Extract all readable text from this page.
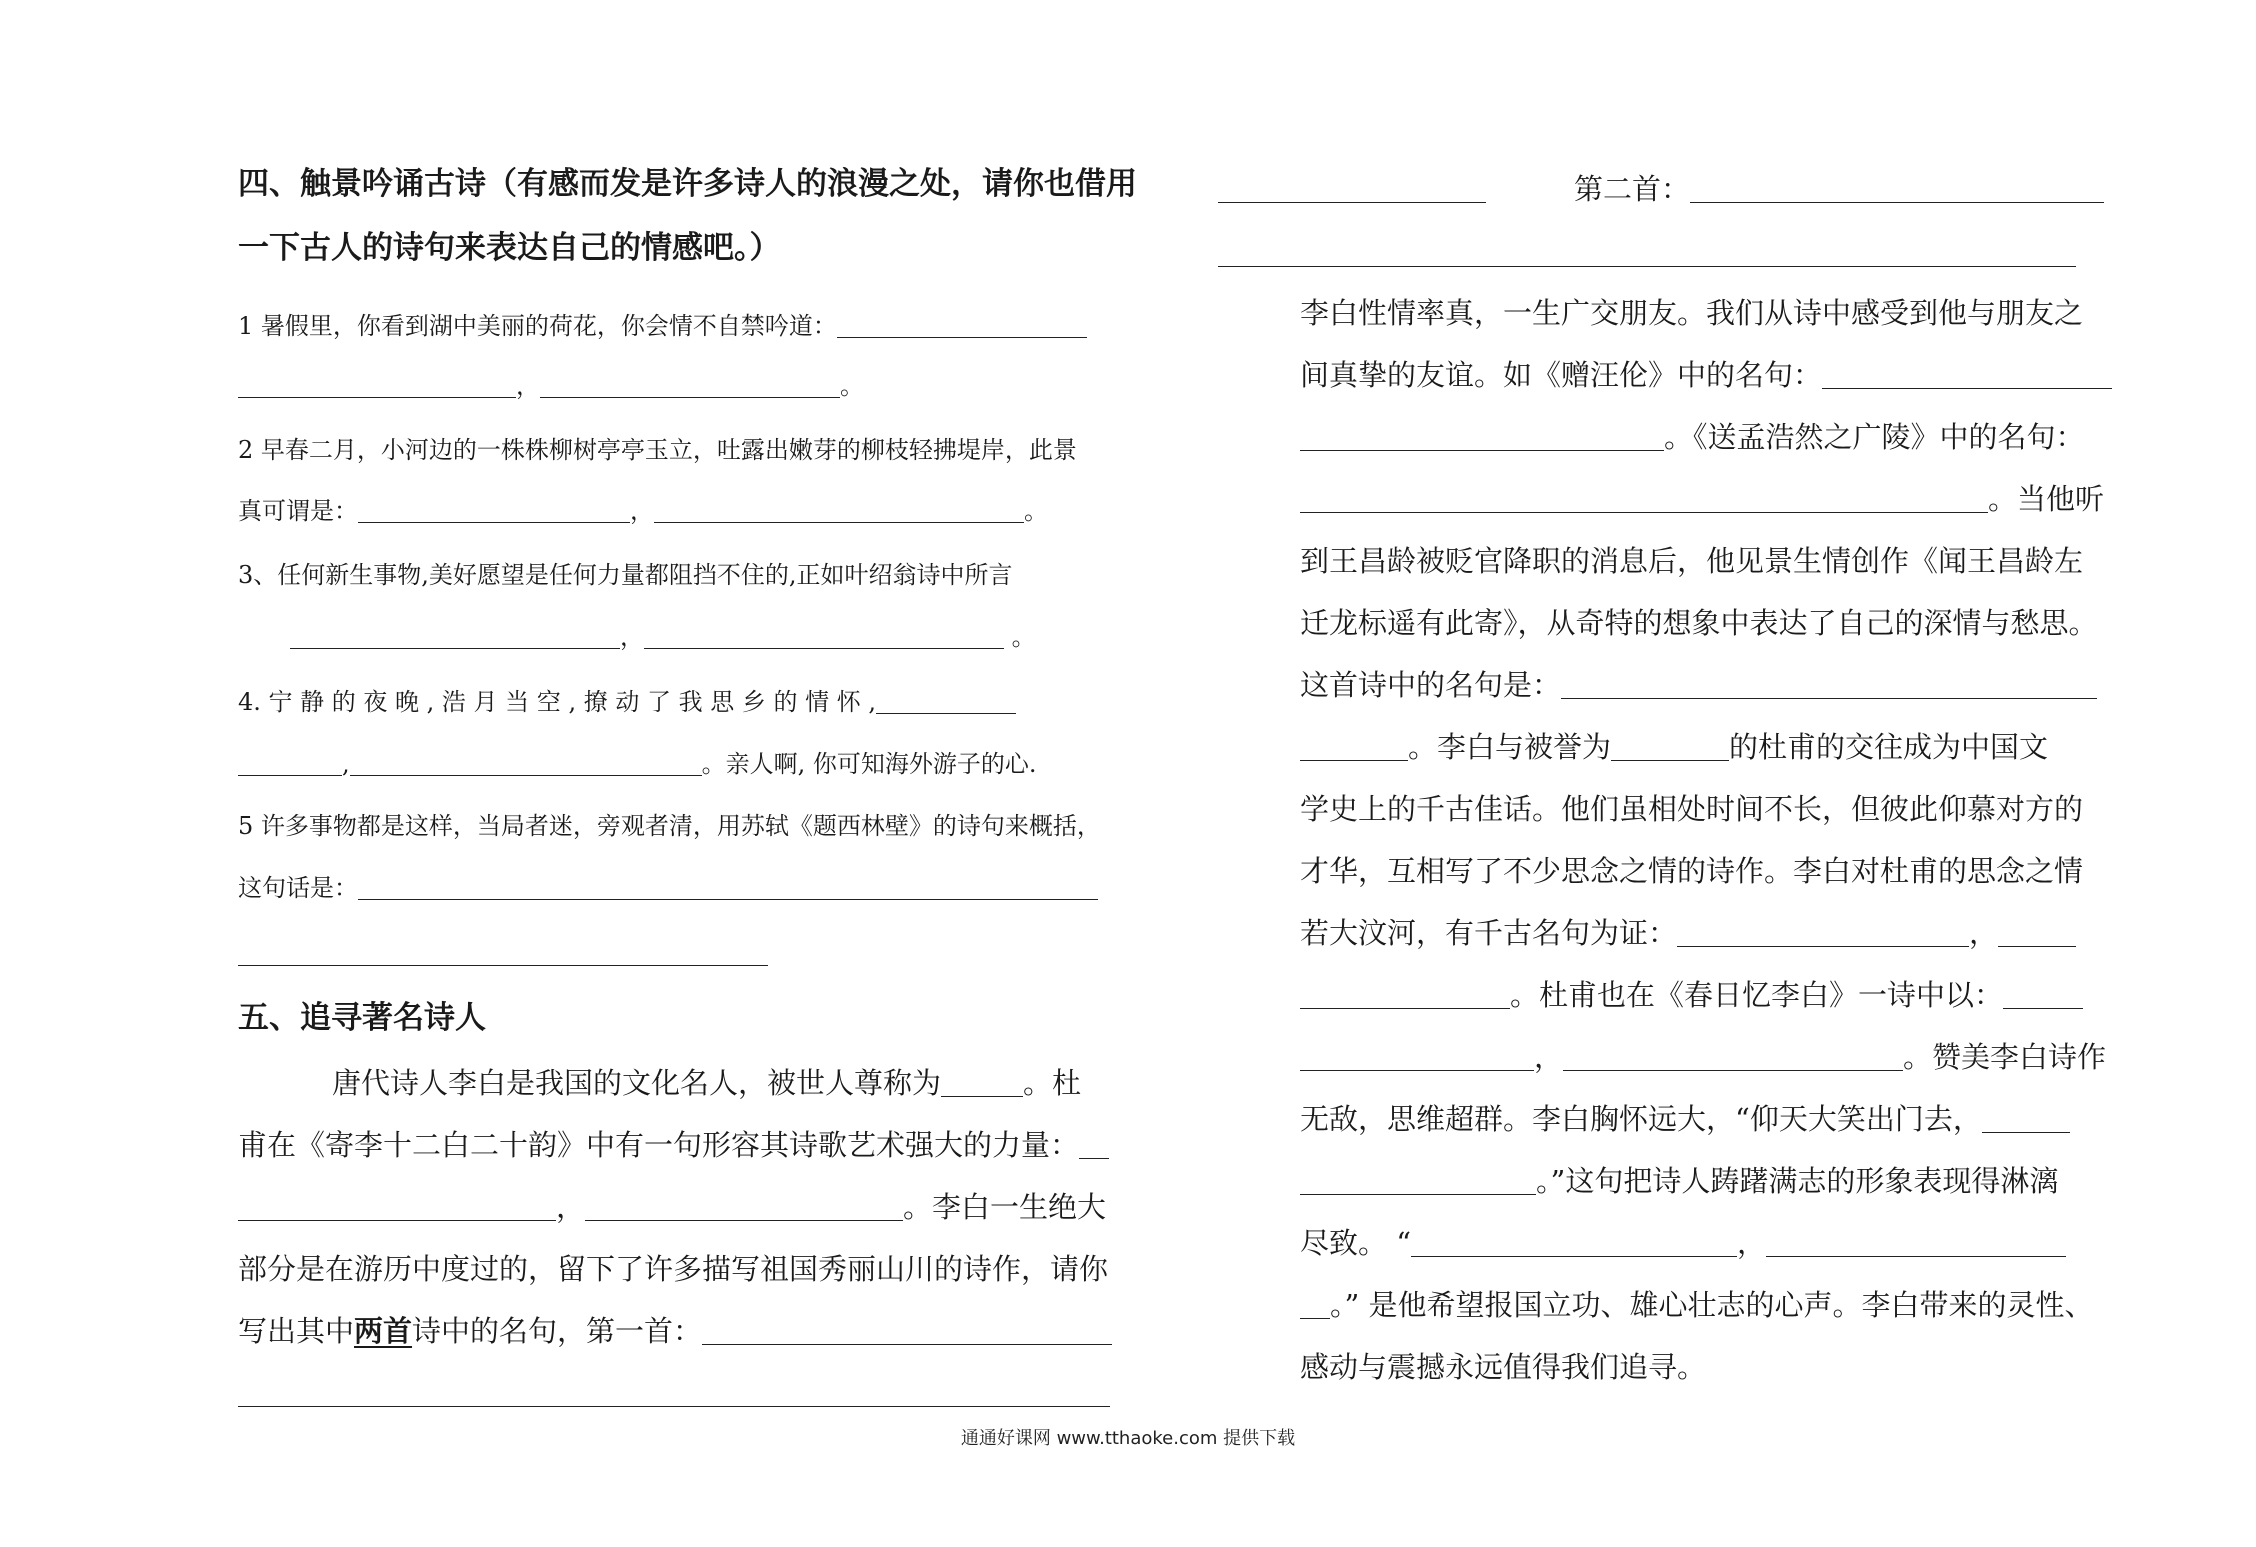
四、触景吟诵古诗（有感而发是许多诗人的浪漫之处，请你也借用
一下古人的诗句来表达自己的情感吧。）
1 暑假里，你看到湖中美丽的荷花，你会情不自禁吟道：
，	。
2 早春二月，小河边的一株株柳树亭亭玉立，吐露出嫩芽的柳枝轻拂堤岸，此景
真可谓是：	，	。
3、任何新生事物,美好愿望是任何力量都阻挡不住的,正如叶绍翁诗中所言
，	。
4. 宁 静 的 夜 晚 , 浩 月 当 空 , 撩 动 了 我 思 乡 的 情 怀 ,
,	。亲人啊, 你可知海外游子的心.
5 许多事物都是这样，当局者迷，旁观者清，用苏轼《题西林壁》的诗句来概括，
这句话是：
五、追寻著名诗人
唐代诗人李白是我国的文化名人，被世人尊称为	。杜
甫在《寄李十二白二十韵》中有一句形容其诗歌艺术强大的力量：
，	。李白一生绝大
部分是在游历中度过的，留下了许多描写祖国秀丽山川的诗作，请你
写出其中两首诗中的名句，第一首：
第二首：
李白性情率真，一生广交朋友。我们从诗中感受到他与朋友之
间真挚的友谊。如《赠汪伦》中的名句：
。《送孟浩然之广陵》中的名句：
。当他听
到王昌龄被贬官降职的消息后，他见景生情创作《闻王昌龄左
迁龙标遥有此寄》，从奇特的想象中表达了自己的深情与愁思。
这首诗中的名句是：
。李白与被誉为	的杜甫的交往成为中国文
学史上的千古佳话。他们虽相处时间不长，但彼此仰慕对方的
才华，互相写了不少思念之情的诗作。李白对杜甫的思念之情
若大汶河，有千古名句为证：	，
。杜甫也在《春日忆李白》一诗中以：
，	。赞美李白诗作
无敌，思维超群。李白胸怀远大，“仰天大笑出门去，
。”这句把诗人踌躇满志的形象表现得淋漓
尽致。 “	，
。” 是他希望报国立功、雄心壮志的心声。李白带来的灵性、
感动与震撼永远值得我们追寻。
通通好课网 www.tthaoke.com 提供下载
